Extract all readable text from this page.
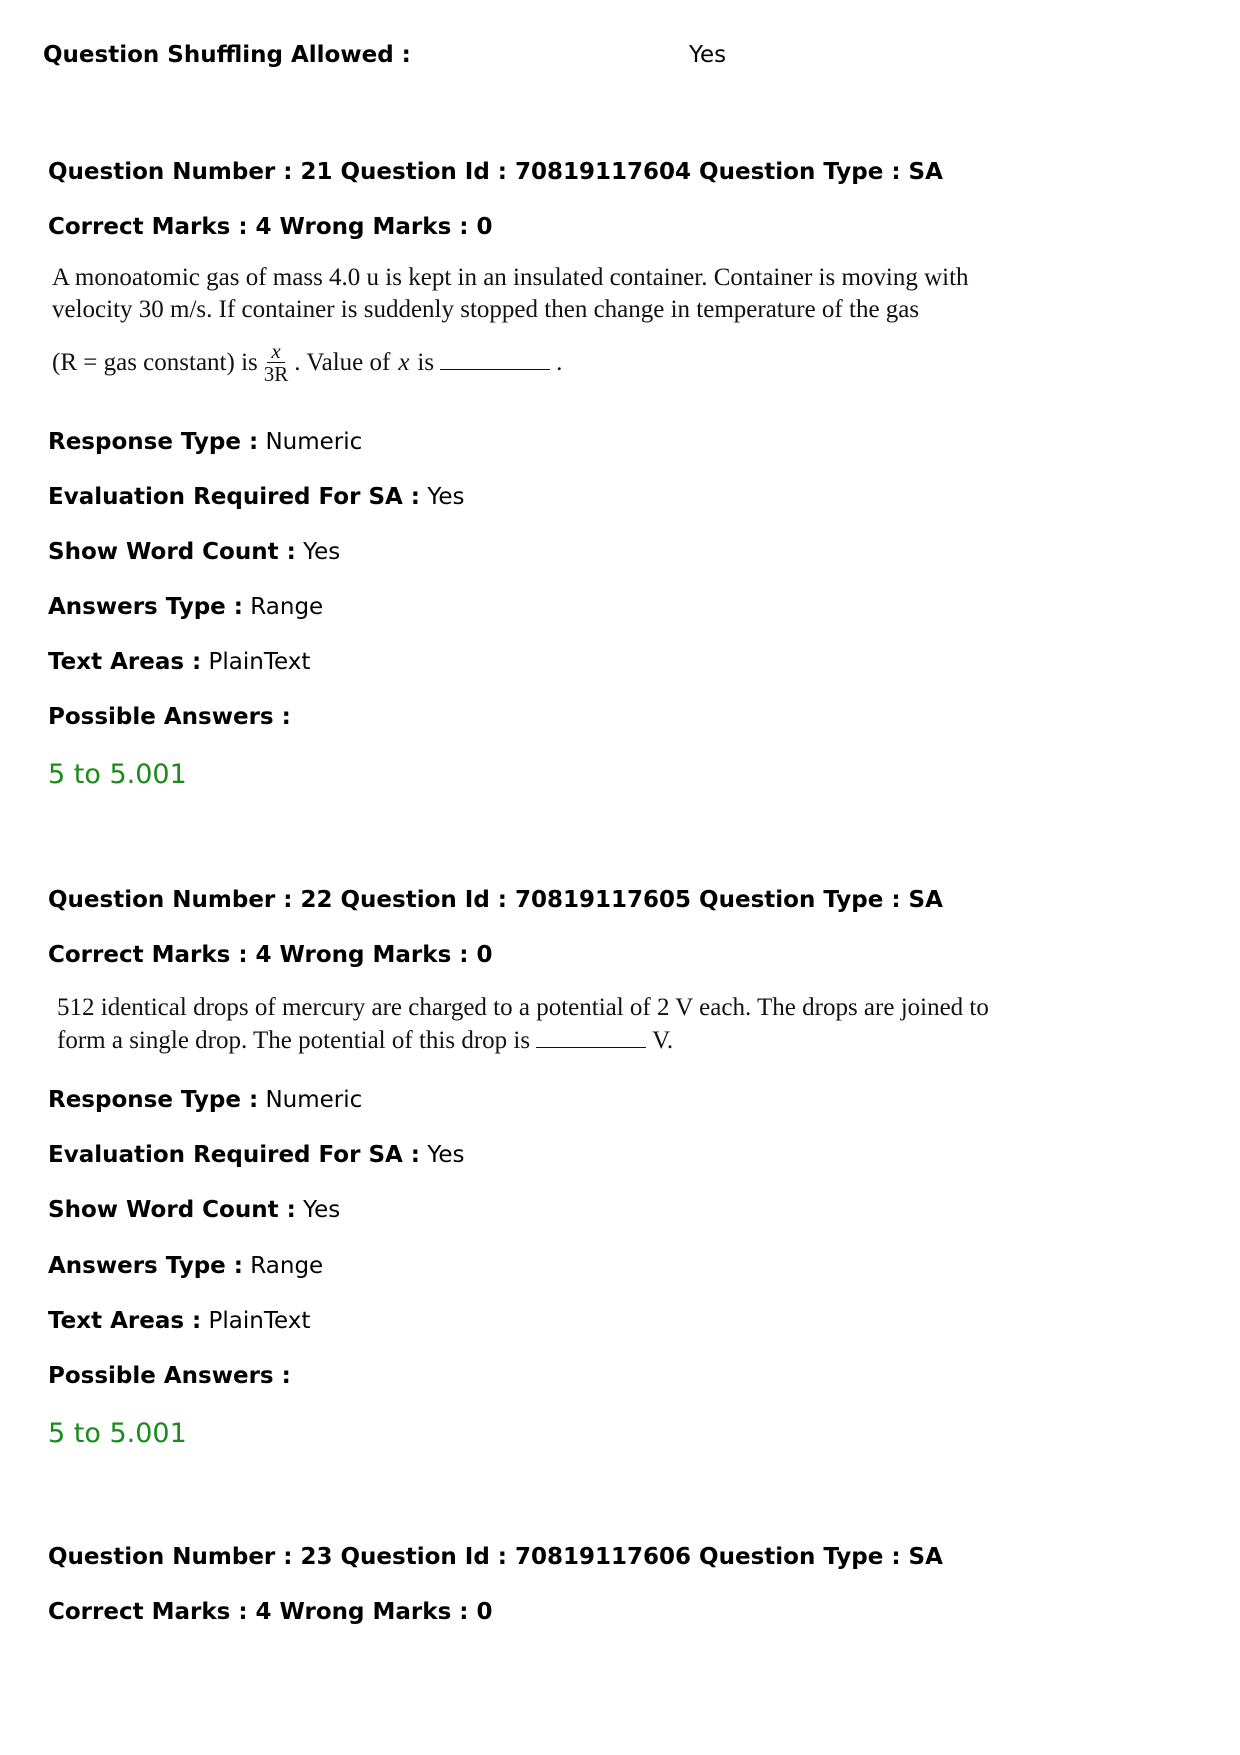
Question Shuffling Allowed :	Yes
Question Number : 21 Question Id : 70819117604 Question Type : SA
Correct Marks : 4 Wrong Marks : 0
A monoatomic gas of mass 4.0 u is kept in an insulated container. Container is moving with
velocity 30 m/s. If container is suddenly stopped then change in temperature of the gas
(R = gas constant) is $\frac{x}{3R}$ . Value of x is	.
Response Type : Numeric
Evaluation Required For SA : Yes
Show Word Count : Yes
Answers Type : Range
Text Areas : PlainText
Possible Answers :
5 to 5.001
Question Number : 22 Question Id : 70819117605 Question Type : SA
Correct Marks : 4 Wrong Marks : 0
512 identical drops of mercury are charged to a potential of 2 V each. The drops are joined to
form a single drop. The potential of this drop is	V.
Response Type : Numeric
Evaluation Required For SA : Yes
Show Word Count : Yes
Answers Type : Range
Text Areas : PlainText
Possible Answers :
5 to 5.001
Question Number : 23 Question Id : 70819117606 Question Type : SA
Correct Marks : 4 Wrong Marks : 0
